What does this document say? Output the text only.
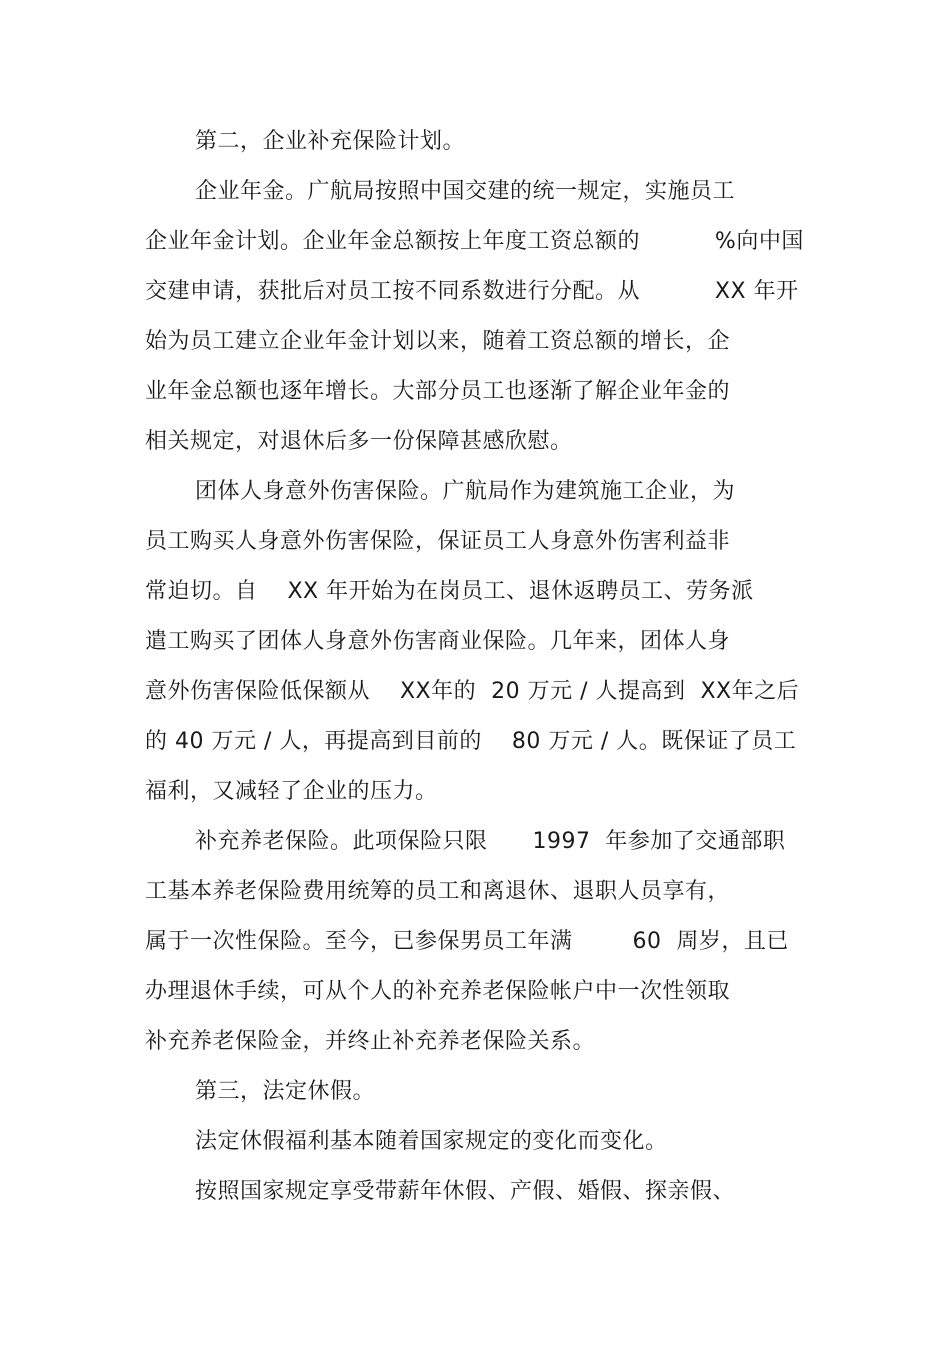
第二，企业补充保险计划。
企业年金。广航局按照中国交建的统一规定，实施员工
企业年金计划。企业年金总额按上年度工资总额的          %向中国
交建申请，获批后对员工按不同系数进行分配。从          XX 年开
始为员工建立企业年金计划以来，随着工资总额的增长，企
业年金总额也逐年增长。大部分员工也逐渐了解企业年金的
相关规定，对退休后多一份保障甚感欣慰。
团体人身意外伤害保险。广航局作为建筑施工企业，为
员工购买人身意外伤害保险，保证员工人身意外伤害利益非
常迫切。自    XX 年开始为在岗员工、退休返聘员工、劳务派
遣工购买了团体人身意外伤害商业保险。几年来，团体人身
意外伤害保险低保额从    XX年的  20 万元 / 人提高到  XX年之后
的 40 万元 / 人，再提高到目前的    80 万元 / 人。既保证了员工
福利，又减轻了企业的压力。
补充养老保险。此项保险只限      1997  年参加了交通部职
工基本养老保险费用统筹的员工和离退休、退职人员享有，
属于一次性保险。至今，已参保男员工年满        60  周岁，且已
办理退休手续，可从个人的补充养老保险帐户中一次性领取
补充养老保险金，并终止补充养老保险关系。
第三，法定休假。
法定休假福利基本随着国家规定的变化而变化。
按照国家规定享受带薪年休假、产假、婚假、探亲假、
